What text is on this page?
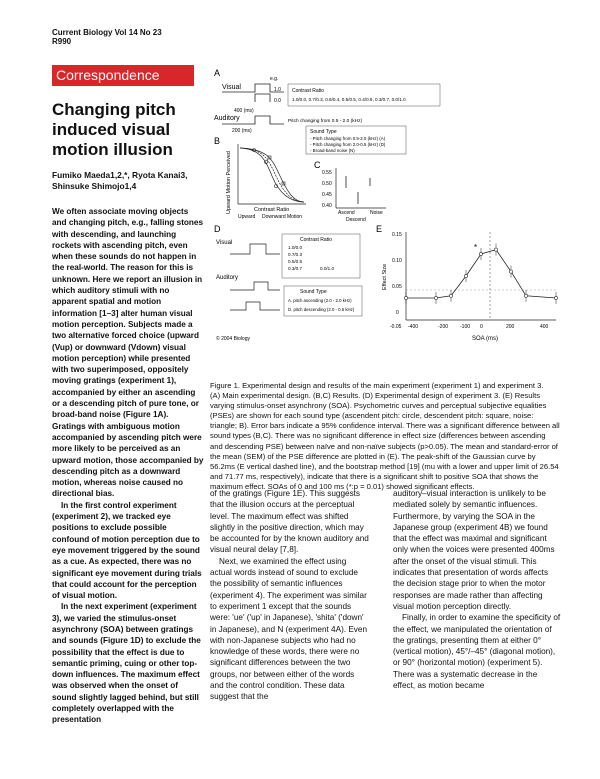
Current Biology Vol 14 No 23
R990
Correspondence
Changing pitch
induced visual
motion illusion
Fumiko Maeda1,2,*, Ryota Kanai3,
Shinsuke Shimojo1,4

We often associate moving objects and changing pitch, e.g., falling stones with descending, and launching rockets with ascending pitch, even when these sounds do not happen in the real-world. The reason for this is unknown. Here we report an illusion in which auditory stimuli with no apparent spatial and motion information [1–3] alter human visual motion perception. Subjects made a two alternative forced choice (upward (Vup) or downward (Vdown) visual motion perception) while presented with two superimposed, oppositely moving gratings (experiment 1), accompanied by either an ascending or a descending pitch of pure tone, or broad-band noise (Figure 1A). Gratings with ambiguous motion accompanied by ascending pitch were more likely to be perceived as an upward motion, those accompanied by descending pitch as a downward motion, whereas noise caused no directional bias.

In the first control experiment (experiment 2), we tracked eye positions to exclude possible confound of motion perception due to eye movement triggered by the sound as a cue. As expected, there was no significant eye movement during trials that could account for the perception of visual motion.

In the next experiment (experiment 3), we varied the stimulus-onset asynchrony (SOA) between gratings and sounds (Figure 1D) to exclude the possibility that the effect is due to semantic priming, cuing or other top-down influences. The maximum effect was observed when the onset of sound slightly lagged behind, but still completely overlapped with the presentation

A
Visual
e.g.
1.0
0.0
Contrast Ratio
1.0/0.0, 0.7/0.3, 0.6/0.4, 0.5/0.5, 0.4/0.6, 0.3/0.7, 0.0/1.0
400 (ms)
Auditory
200 (ms)
Pitch changing from 0.5 - 2.0 (kHz)
Sound Type
- Pitch changing from 0.5-2.0 (kHz) (A)
- Pitch changing from 2.0-0.5 (kHz) (D)
- Broad-band noise (N)
B
Upward Motion Perceived	Contrast Ratio
Upward Downward Motion
C
0.55
0.50
0.45
0.40
Ascend	Noise
Descend
D
Visual	Contrast Ratio
1.0/0.0
0.7/0.3
0.5/0.5
0.3/0.7	0.0/1.0
Auditory
Sound Type
A. pitch ascending (2.0 - 2.0 kHz)
D. pitch descending (2.0 - 0.5 kHz)
© 2004 Biology
E
Effect Size
0.15
0.10
0.05
0
-0.05
*
-400	-200	0	200	400
-100
SOA (ms)

Figure 1. Experimental design and results of the main experiment (experiment 1) and experiment 3.

(A) Main experimental design. (B,C) Results. (D) Experimental design of experiment 3. (E) Results varying stimulus-onset asynchrony (SOA). Psychometric curves and perceptual subjective equalities (PSEs) are shown for each sound type (ascendent pitch: circle, descendent pitch: square, noise: triangle; B). Error bars indicate a 95% confidence interval. There was a significant difference between all sound types (B,C). There was no significant difference in effect size (differences between ascending and descending PSE) between naïve and non-naïve subjects (p>0.05). The mean and standard-error of the mean (SEM) of the PSE difference are plotted in (E). The peak-shift of the Gaussian curve by 56.2ms (E vertical dashed line), and the bootstrap method [19] (mu with a lower and upper limit of 26.54 and 71.77 ms, respectively), indicate that there is a significant shift to positive SOA that shows the maximum effect. SOAs of 0 and 100 ms (*:p = 0.01) showed significant effects.

of the gratings (Figure 1E). This suggests that the illusion occurs at the perceptual level. The maximum effect was shifted slightly in the positive direction, which may be accounted for by the known auditory and visual neural delay [7,8].

Next, we examined the effect using actual words instead of sound to exclude the possibility of semantic influences (experiment 4). The experiment was similar to experiment 1 except that the sounds were: 'ue' ('up' in Japanese), 'shita' ('down' in Japanese), and N (experiment 4A). Even with non-Japanese subjects who had no knowledge of these words, there were no significant differences between the two groups, nor between either of the words and the control condition. These data suggest that the

auditory–visual interaction is unlikely to be mediated solely by semantic influences. Furthermore, by varying the SOA in the Japanese group (experiment 4B) we found that the effect was maximal and significant only when the voices were presented 400ms after the onset of the visual stimuli. This indicates that presentation of words affects the decision stage prior to when the motor responses are made rather than affecting visual motion perception directly.

Finally, in order to examine the specificity of the effect, we manipulated the orientation of the gratings, presenting them at either 0° (vertical motion), 45°/–45° (diagonal motion), or 90° (horizontal motion) (experiment 5). There was a systematic decrease in the effect, as motion became
